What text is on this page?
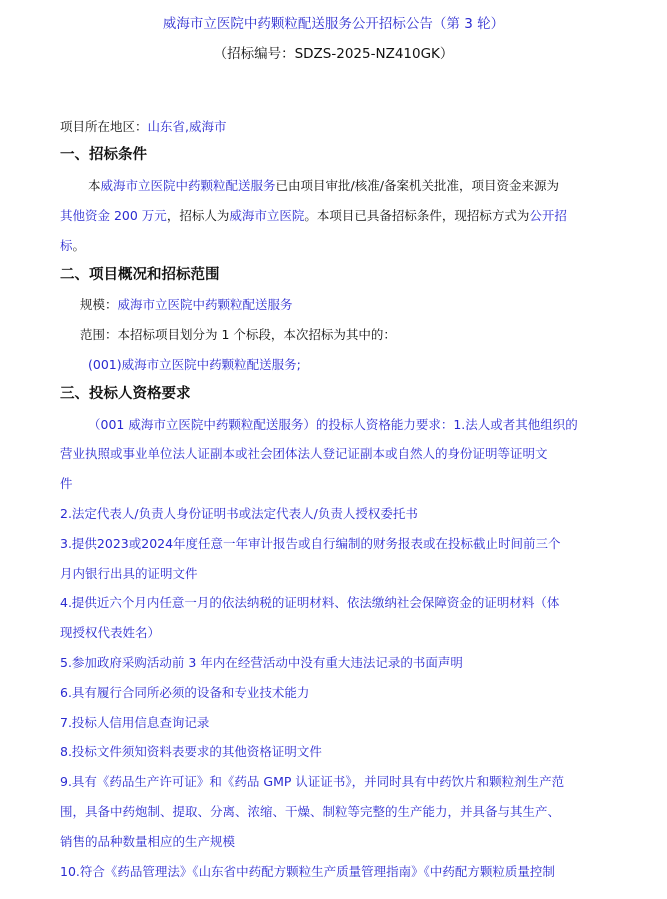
威海市立医院中药颗粒配送服务公开招标公告（第 3 轮）
（招标编号：SDZS-2025-NZ410GK）
项目所在地区：山东省,威海市
一、招标条件
本威海市立医院中药颗粒配送服务已由项目审批/核准/备案机关批准，项目资金来源为
其他资金 200 万元，招标人为威海市立医院。本项目已具备招标条件，现招标方式为公开招
标。
二、项目概况和招标范围
规模：威海市立医院中药颗粒配送服务
范围：本招标项目划分为 1 个标段，本次招标为其中的：
(001)威海市立医院中药颗粒配送服务;
三、投标人资格要求
（001 威海市立医院中药颗粒配送服务）的投标人资格能力要求：1.法人或者其他组织的
营业执照或事业单位法人证副本或社会团体法人登记证副本或自然人的身份证明等证明文
件
2.法定代表人/负责人身份证明书或法定代表人/负责人授权委托书
3.提供2023或2024年度任意一年审计报告或自行编制的财务报表或在投标截止时间前三个
月内银行出具的证明文件
4.提供近六个月内任意一月的依法纳税的证明材料、依法缴纳社会保障资金的证明材料（体
现授权代表姓名）
5.参加政府采购活动前 3 年内在经营活动中没有重大违法记录的书面声明
6.具有履行合同所必须的设备和专业技术能力
7.投标人信用信息查询记录
8.投标文件须知资料表要求的其他资格证明文件
9.具有《药品生产许可证》和《药品 GMP 认证证书》，并同时具有中药饮片和颗粒剂生产范
围，具备中药炮制、提取、分离、浓缩、干燥、制粒等完整的生产能力，并具备与其生产、
销售的品种数量相应的生产规模
10.符合《药品管理法》《山东省中药配方颗粒生产质量管理指南》《中药配方颗粒质量控制
